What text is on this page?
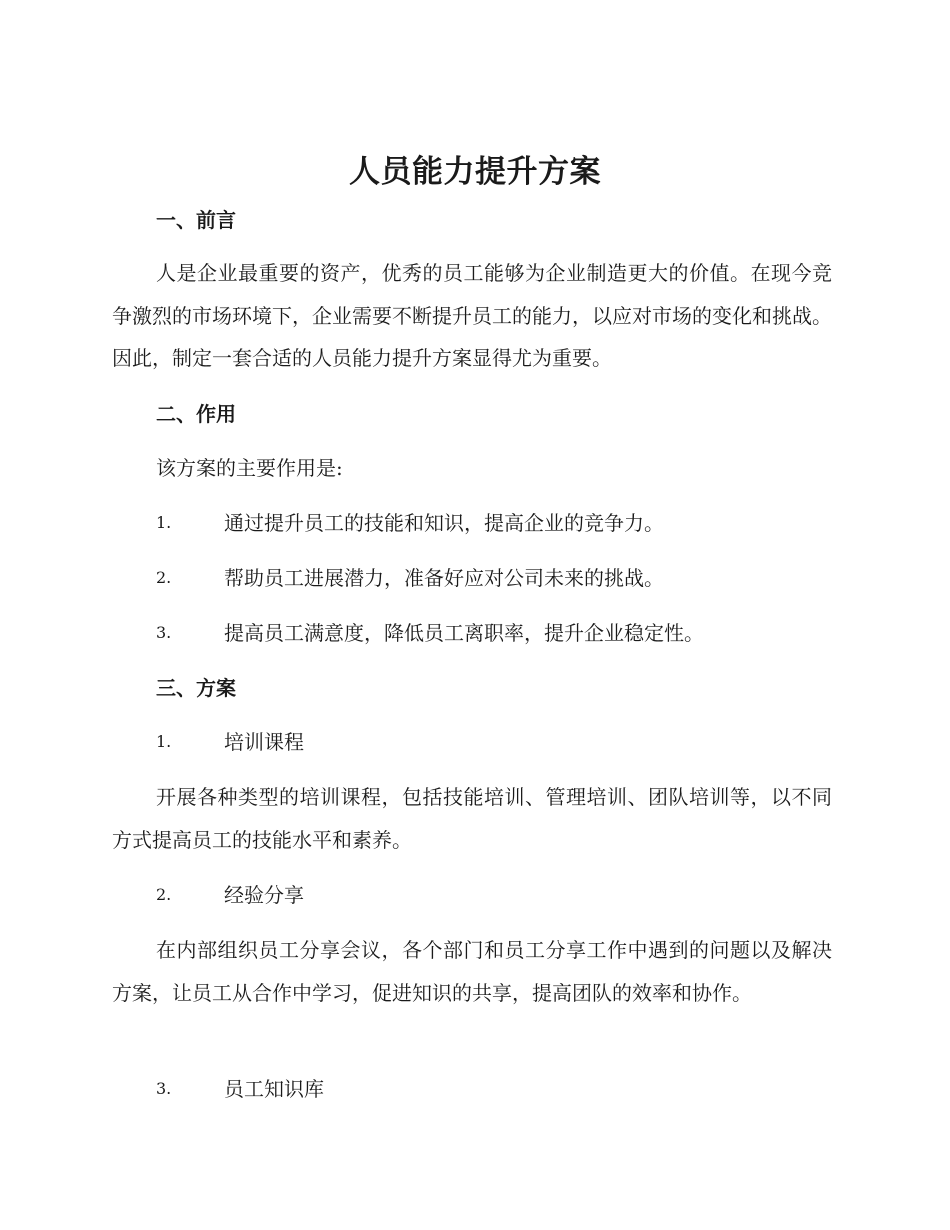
人员能力提升方案
一、前言
人是企业最重要的资产，优秀的员工能够为企业制造更大的价值。在现今竞争激烈的市场环境下，企业需要不断提升员工的能力，以应对市场的变化和挑战。因此，制定一套合适的人员能力提升方案显得尤为重要。
二、作用
该方案的主要作用是:
1.	通过提升员工的技能和知识，提高企业的竞争力。
2.	帮助员工进展潜力，准备好应对公司未来的挑战。
3.	提高员工满意度，降低员工离职率，提升企业稳定性。
三、方案
1.	培训课程
开展各种类型的培训课程，包括技能培训、管理培训、团队培训等，以不同方式提高员工的技能水平和素养。
2.	经验分享
在内部组织员工分享会议，各个部门和员工分享工作中遇到的问题以及解决方案，让员工从合作中学习，促进知识的共享，提高团队的效率和协作。
3.	员工知识库
